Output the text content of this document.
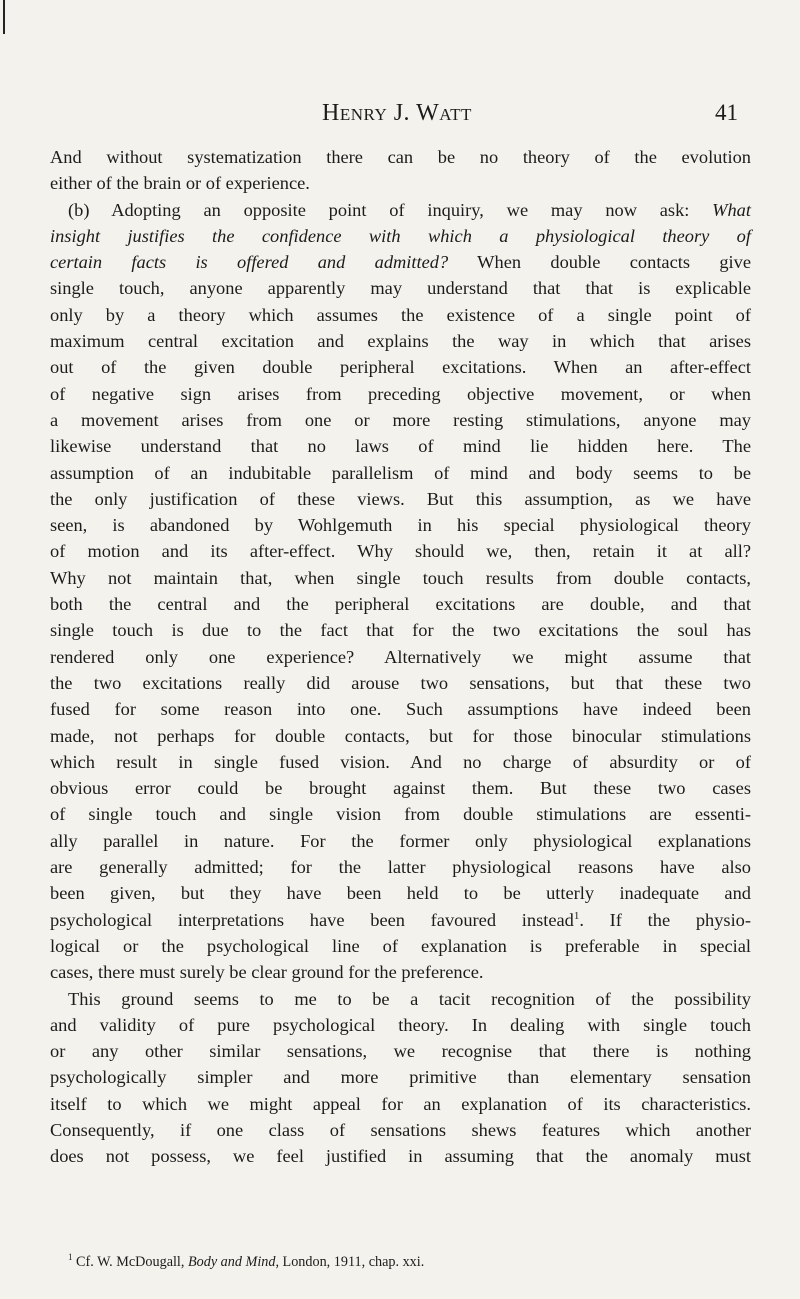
Henry J. Watt	41
And without systematization there can be no theory of the evolution
either of the brain or of experience.
(b) Adopting an opposite point of inquiry, we may now ask: What
insight justifies the confidence with which a physiological theory of
certain facts is offered and admitted? When double contacts give
single touch, anyone apparently may understand that that is explicable
only by a theory which assumes the existence of a single point of
maximum central excitation and explains the way in which that arises
out of the given double peripheral excitations. When an after-effect
of negative sign arises from preceding objective movement, or when
a movement arises from one or more resting stimulations, anyone may
likewise understand that no laws of mind lie hidden here. The
assumption of an indubitable parallelism of mind and body seems to be
the only justification of these views. But this assumption, as we have
seen, is abandoned by Wohlgemuth in his special physiological theory
of motion and its after-effect. Why should we, then, retain it at all?
Why not maintain that, when single touch results from double contacts,
both the central and the peripheral excitations are double, and that
single touch is due to the fact that for the two excitations the soul has
rendered only one experience? Alternatively we might assume that
the two excitations really did arouse two sensations, but that these two
fused for some reason into one. Such assumptions have indeed been
made, not perhaps for double contacts, but for those binocular stimulations
which result in single fused vision. And no charge of absurdity or of
obvious error could be brought against them. But these two cases
of single touch and single vision from double stimulations are essenti-
ally parallel in nature. For the former only physiological explanations
are generally admitted; for the latter physiological reasons have also
been given, but they have been held to be utterly inadequate and
psychological interpretations have been favoured instead$^1$. If the physio-
logical or the psychological line of explanation is preferable in special
cases, there must surely be clear ground for the preference.
This ground seems to me to be a tacit recognition of the possibility
and validity of pure psychological theory. In dealing with single touch
or any other similar sensations, we recognise that there is nothing
psychologically simpler and more primitive than elementary sensation
itself to which we might appeal for an explanation of its characteristics.
Consequently, if one class of sensations shews features which another
does not possess, we feel justified in assuming that the anomaly must
$^1$ Cf. W. McDougall, Body and Mind, London, 1911, chap. xxi.
